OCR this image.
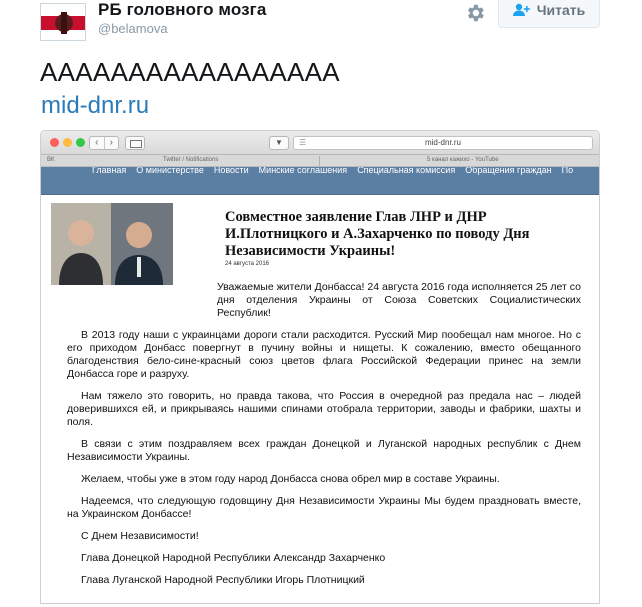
РБ головного мозга
@belamova
Читать
ААААААААААААААААА
mid-dnr.ru
‹	›	▼	☰	mid-dnr.ru
ВК	Twitter / Notifications	5 канал кажихо - YouTube
Главная О министерстве Новости Минские соглашения Специальная комиссия Обращения граждан По
Совместное заявление Глав ЛНР и ДНР И.Плотницкого и А.Захарченко по поводу Дня Независимости Украины!
24 августа 2016

Уважаемые жители Донбасса! 24 августа 2016 года исполняется 25 лет со дня отделения Украины от Союза Советских Социалистических Республик!

В 2013 году наши с украинцами дороги стали расходится. Русский Мир пообещал нам многое. Но с его приходом Донбасс повергнут в пучину войны и нищеты. К сожалению, вместо обещанного благоденствия бело-сине-красный союз цветов флага Российской Федерации принес на земли Донбасса горе и разруху.

Нам тяжело это говорить, но правда такова, что Россия в очередной раз предала нас – людей доверившихся ей, и прикрываясь нашими спинами отобрала территории, заводы и фабрики, шахты и поля.

В связи с этим поздравляем всех граждан Донецкой и Луганской народных республик с Днем Независимости Украины.

Желаем, чтобы уже в этом году народ Донбасса снова обрел мир в составе Украины.

Надеемся, что следующую годовщину Дня Независимости Украины Мы будем праздновать вместе, на Украинском Донбассе!

С Днем Независимости!

Глава Донецкой Народной Республики Александр Захарченко

Глава Луганской Народной Республики Игорь Плотницкий
